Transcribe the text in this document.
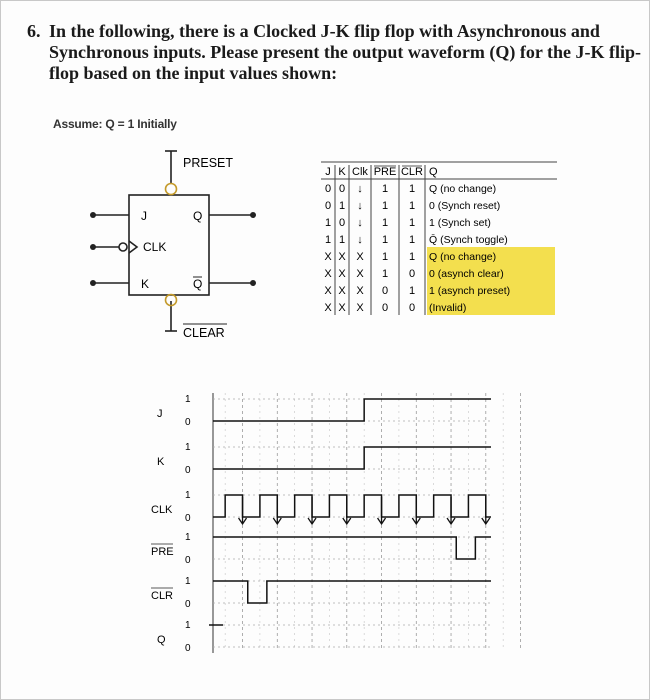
6. In the following, there is a Clocked J-K flip flop with Asynchronous and
Synchronous inputs. Please present the output waveform (Q) for the J-K flip-
flop based on the input values shown:
Assume: Q = 1 Initially
PRESET
CLEAR
J
CLK
K
Q
Q
J K Clk PRE CLR Q
0 0 ↓ 1 1 Q (no change)
0 1 ↓ 1 1 0 (Synch reset)
1 0 ↓ 1 1 1 (Synch set)
1 1 ↓ 1 1 Q̄ (Synch toggle)
X X X 1 1 Q (no change)
X X X 1 0 0 (asynch clear)
X X X 0 1 1 (asynch preset)
X X X 0 0 (Invalid)
J
1
0
K
1
0
CLK
1
0
PRE
1
0
CLR
1
0
Q
1
0
